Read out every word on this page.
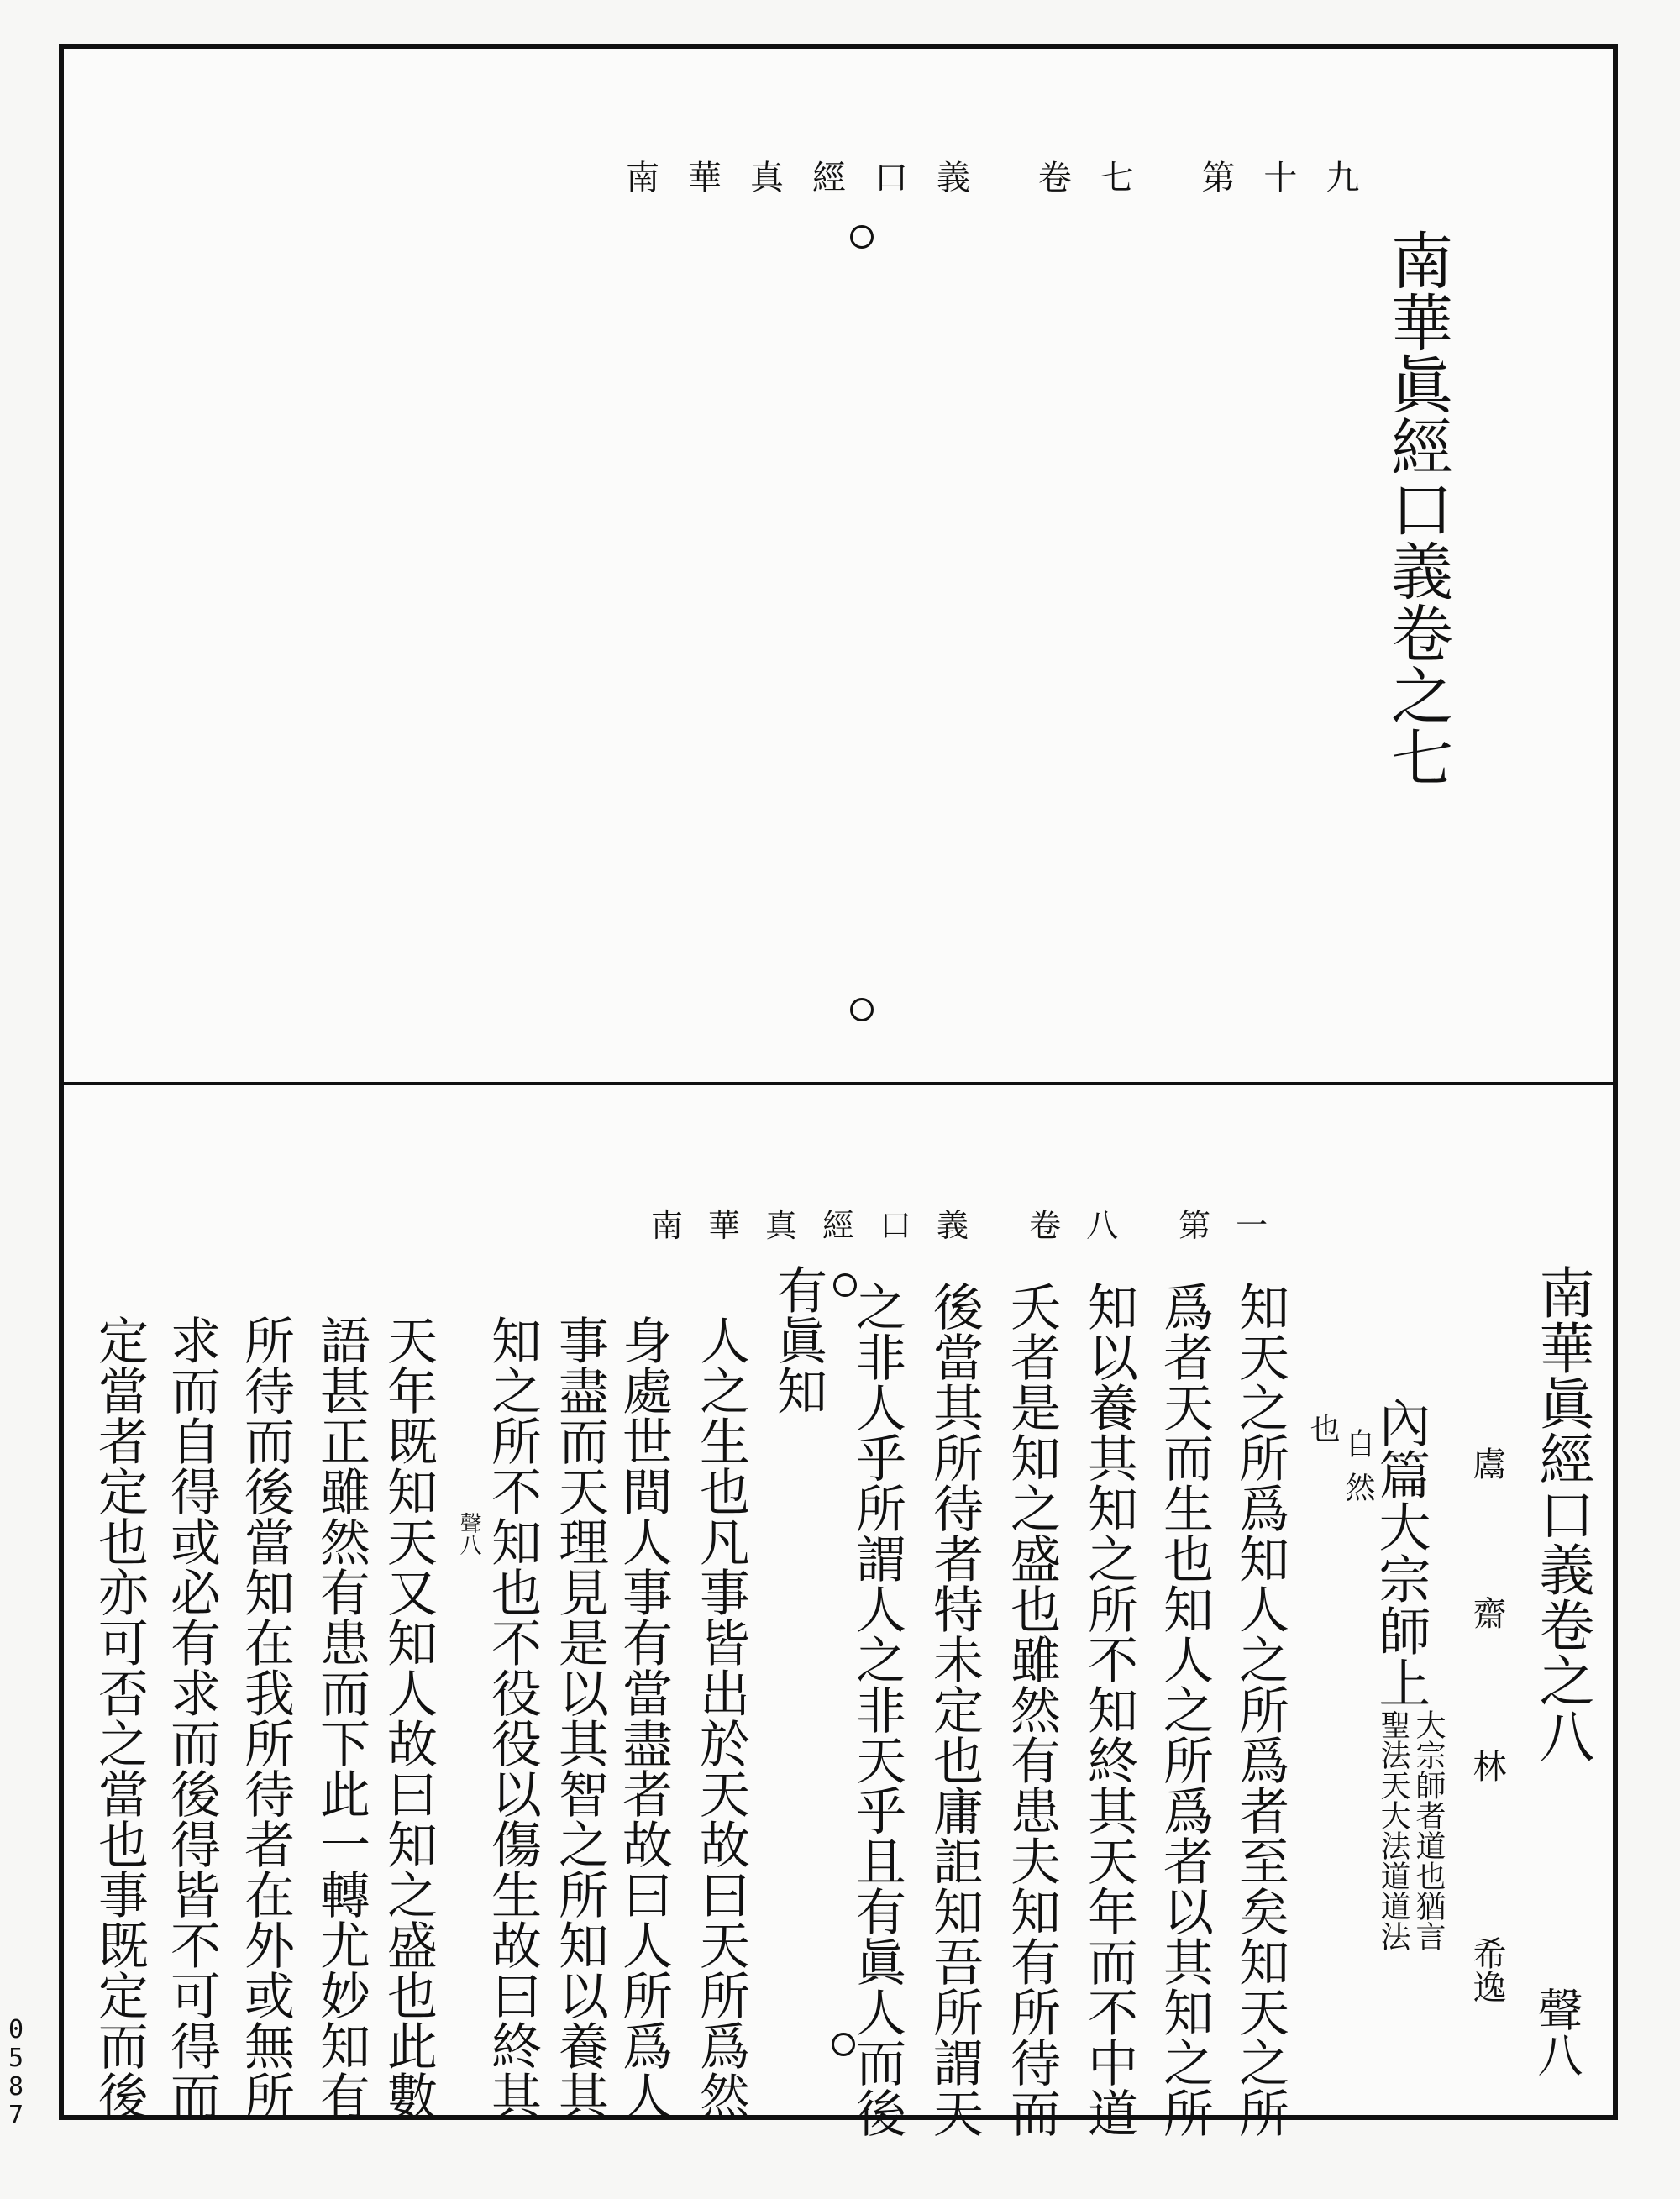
南華真經口義 卷七 第十九
南華眞經口義卷之七
南華真經口義 卷八 第一
南華眞經口義卷之八
聲八
鬳
齋
林
希逸
內篇大宗師上
大宗師者道也猶言
聖法天大法道道法
自
然
也
知天之所爲知人之所爲者至矣知天之所
爲者天而生也知人之所爲者以其知之所
知以養其知之所不知終其天年而不中道
夭者是知之盛也雖然有患夫知有所待而
後當其所待者特未定也庸詎知吾所謂天
之非人乎所謂人之非天乎且有眞人而後
有眞知
人之生也凡事皆出於天故曰天所爲然
身處世間人事有當盡者故曰人所爲人
事盡而天理見是以其智之所知以養其
知之所不知也不役役以傷生故曰終其
聲八
天年既知天又知人故曰知之盛也此數
語甚正雖然有患而下此一轉尤妙知有
所待而後當知在我所待者在外或無所
求而自得或必有求而後得皆不可得而
定當者定也亦可否之當也事既定而後
0587
